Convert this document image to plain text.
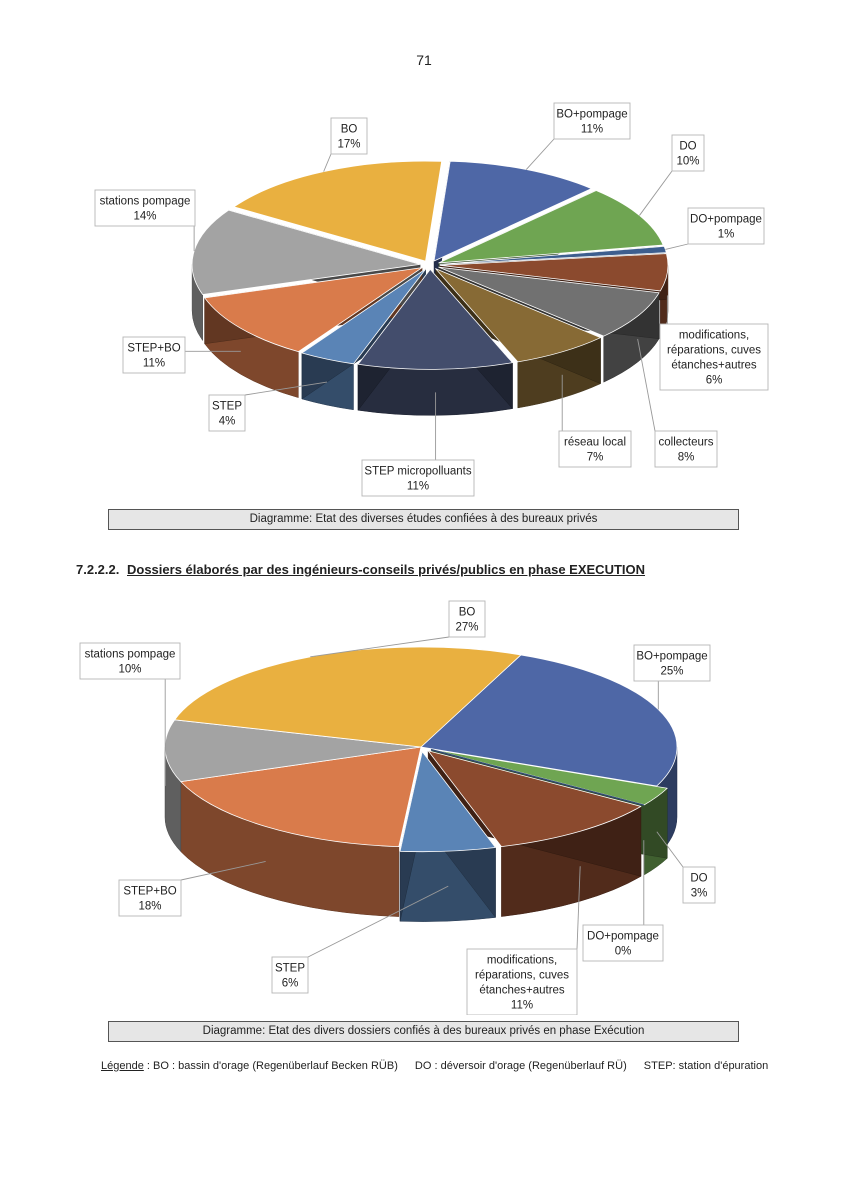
71
BO+pompage
11%
DO
10%
DO+pompage
1%
modifications,
réparations, cuves
étanches+autres
6%
collecteurs
8%
réseau local
7%
STEP micropolluants
11%
STEP
4%
STEP+BO
11%
stations pompage
14%
BO
17%
Diagramme: Etat des diverses études confiées à des bureaux privés
7.2.2.2. Dossiers élaborés par des ingénieurs-conseils privés/publics en phase EXECUTION
BO+pompage
25%
DO
3%
DO+pompage
0%
modifications,
réparations, cuves
étanches+autres
11%
STEP
6%
STEP+BO
18%
stations pompage
10%
BO
27%
Diagramme: Etat des divers dossiers confiés à des bureaux privés en phase Exécution
Légende : BO : bassin d'orage (Regenüberlauf Becken RÜB) DO : déversoir d'orage (Regenüberlauf RÜ) STEP: station d'épuration
